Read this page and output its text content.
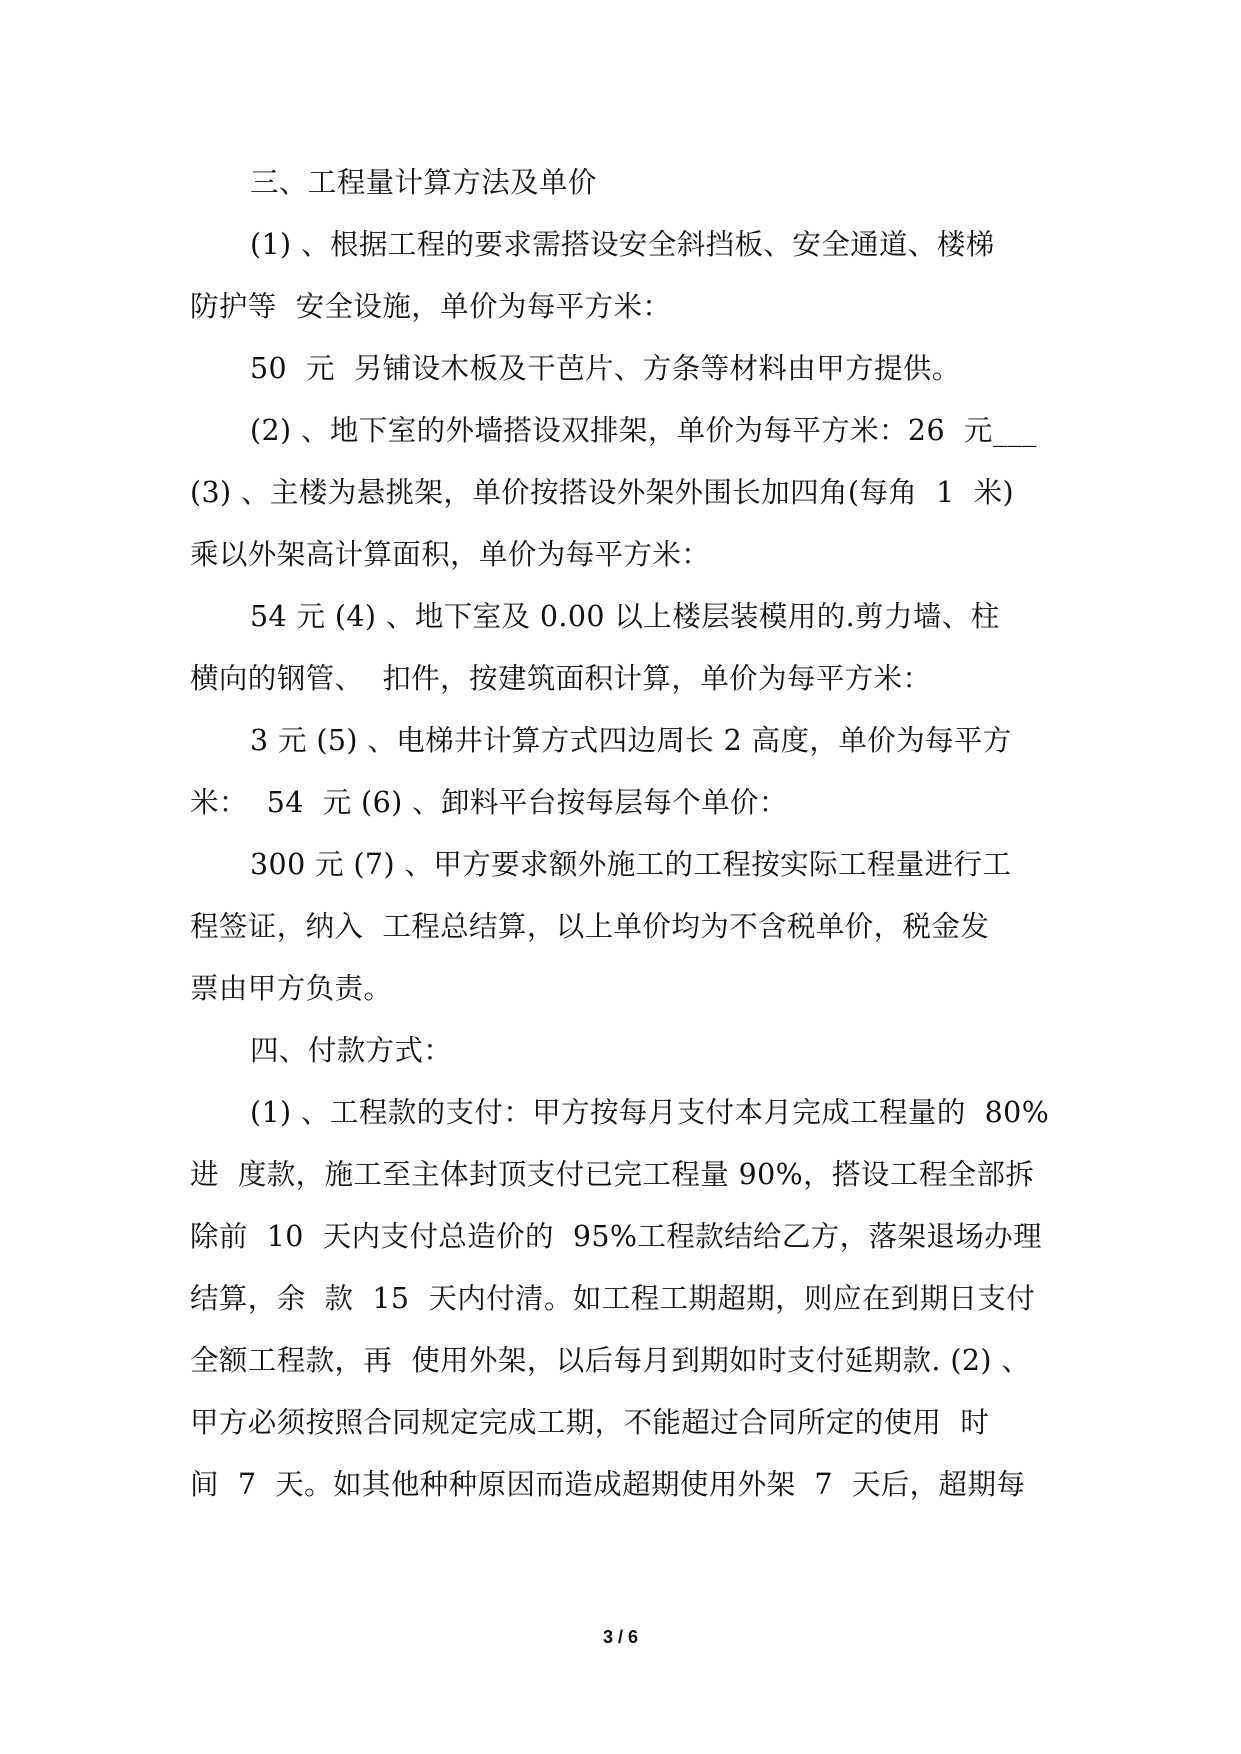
三、工程量计算方法及单价
(1) 、根据工程的要求需搭设安全斜挡板、安全通道、楼梯
防护等  安全设施，单价为每平方米：
50  元  另铺设木板及干芭片、方条等材料由甲方提供。
(2) 、地下室的外墙搭设双排架，单价为每平方米：26  元___
(3) 、主楼为悬挑架，单价按搭设外架外围长加四角(每角  1  米)
乘以外架高计算面积，单价为每平方米：
54 元 (4) 、地下室及 0.00 以上楼层装模用的.剪力墙、柱
横向的钢管、  扣件，按建筑面积计算，单价为每平方米：
3 元 (5) 、电梯井计算方式四边周长 2 高度，单价为每平方
米：  54  元 (6) 、卸料平台按每层每个单价：
300 元 (7) 、甲方要求额外施工的工程按实际工程量进行工
程签证，纳入  工程总结算，以上单价均为不含税单价，税金发
票由甲方负责。
四、付款方式：
(1) 、工程款的支付：甲方按每月支付本月完成工程量的  80%
进  度款，施工至主体封顶支付已完工程量 90%，搭设工程全部拆
除前  10  天内支付总造价的  95%工程款结给乙方，落架退场办理
结算，余  款  15  天内付清。如工程工期超期，则应在到期日支付
全额工程款，再  使用外架，以后每月到期如时支付延期款. (2) 、
甲方必须按照合同规定完成工期，不能超过合同所定的使用  时
间  7  天。如其他种种原因而造成超期使用外架  7  天后，超期每
3 / 6
